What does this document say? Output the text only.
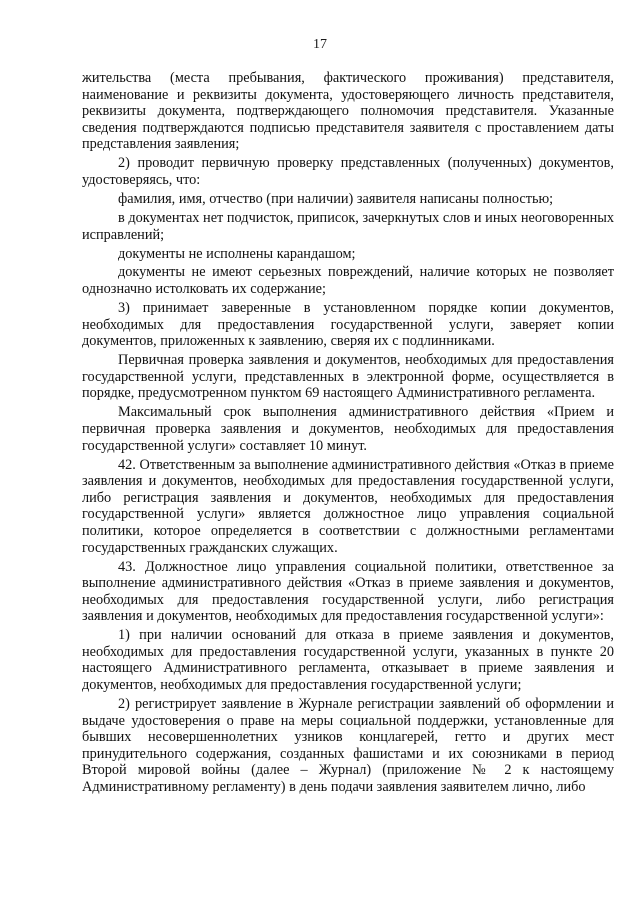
17

жительства (места пребывания, фактического проживания) представителя, наименование и реквизиты документа, удостоверяющего личность представителя, реквизиты документа, подтверждающего полномочия представителя. Указанные сведения подтверждаются подписью представителя заявителя с проставлением даты представления заявления;

2) проводит первичную проверку представленных (полученных) документов, удостоверяясь, что:

фамилия, имя, отчество (при наличии) заявителя написаны полностью;

в документах нет подчисток, приписок, зачеркнутых слов и иных неоговоренных исправлений;

документы не исполнены карандашом;

документы не имеют серьезных повреждений, наличие которых не позволяет однозначно истолковать их содержание;

3) принимает заверенные в установленном порядке копии документов, необходимых для предоставления государственной услуги, заверяет копии документов, приложенных к заявлению, сверяя их с подлинниками.

Первичная проверка заявления и документов, необходимых для предоставления государственной услуги, представленных в электронной форме, осуществляется в порядке, предусмотренном пунктом 69 настоящего Административного регламента.

Максимальный срок выполнения административного действия «Прием и первичная проверка заявления и документов, необходимых для предоставления государственной услуги» составляет 10 минут.

42. Ответственным за выполнение административного действия «Отказ в приеме заявления и документов, необходимых для предоставления государственной услуги, либо регистрация заявления и документов, необходимых для предоставления государственной услуги» является должностное лицо управления социальной политики, которое определяется в соответствии с должностными регламентами государственных гражданских служащих.

43. Должностное лицо управления социальной политики, ответственное за выполнение административного действия «Отказ в приеме заявления и документов, необходимых для предоставления государственной услуги, либо регистрация заявления и документов, необходимых для предоставления государственной услуги»:

1) при наличии оснований для отказа в приеме заявления и документов, необходимых для предоставления государственной услуги, указанных в пункте 20 настоящего Административного регламента, отказывает в приеме заявления и документов, необходимых для предоставления государственной услуги;

2) регистрирует заявление в Журнале регистрации заявлений об оформлении и выдаче удостоверения о праве на меры социальной поддержки, установленные для бывших несовершеннолетних узников концлагерей, гетто и других мест принудительного содержания, созданных фашистами и их союзниками в период Второй мировой войны (далее – Журнал) (приложение № 2 к настоящему Административному регламенту) в день подачи заявления заявителем лично, либо
